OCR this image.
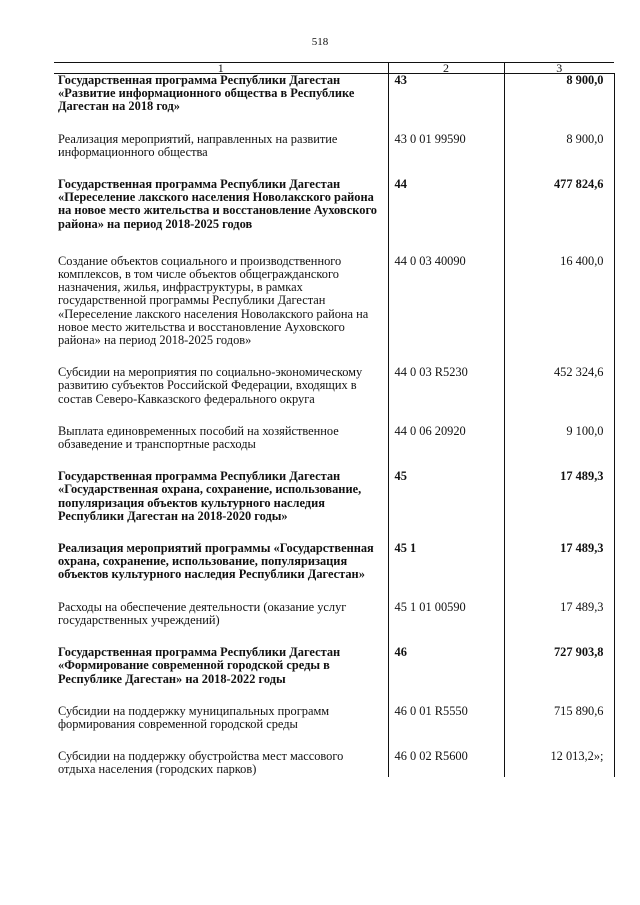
518
1	2	3
Государственная программа Республики Дагестан «Развитие информационного общества в Республике Дагестан на 2018 год»	43	8 900,0

Реализация мероприятий, направленных на развитие информационного общества	43 0 01 99590	8 900,0

Государственная программа Республики Дагестан «Переселение лакского населения Новолакского района на новое место жительства и восстановление Ауховского района» на период 2018-2025 годов	44	477 824,6

Создание объектов социального и производственного комплексов, в том числе объектов общегражданского назначения, жилья, инфраструктуры, в рамках государственной программы Республики Дагестан «Переселение лакского населения Новолакского района на новое место жительства и восстановление Ауховского района» на период 2018-2025 годов»	44 0 03 40090	16 400,0

Субсидии на мероприятия по социально-экономическому развитию субъектов Российской Федерации, входящих в состав Северо-Кавказского федерального округа	44 0 03 R5230	452 324,6

Выплата единовременных пособий на хозяйственное обзаведение и транспортные расходы	44 0 06 20920	9 100,0

Государственная программа Республики Дагестан «Государственная охрана, сохранение, использование, популяризация объектов культурного наследия Республики Дагестан на 2018-2020 годы»	45	17 489,3

Реализация мероприятий программы «Государственная охрана, сохранение, использование, популяризация объектов культурного наследия Республики Дагестан»	45 1	17 489,3

Расходы на обеспечение деятельности (оказание услуг государственных учреждений)	45 1 01 00590	17 489,3

Государственная программа Республики Дагестан «Формирование современной городской среды в Республике Дагестан» на 2018-2022 годы	46	727 903,8

Субсидии на поддержку муниципальных программ формирования современной городской среды	46 0 01 R5550	715 890,6

Субсидии на поддержку обустройства мест массового отдыха населения (городских парков)	46 0 02 R5600	12 013,2»;
